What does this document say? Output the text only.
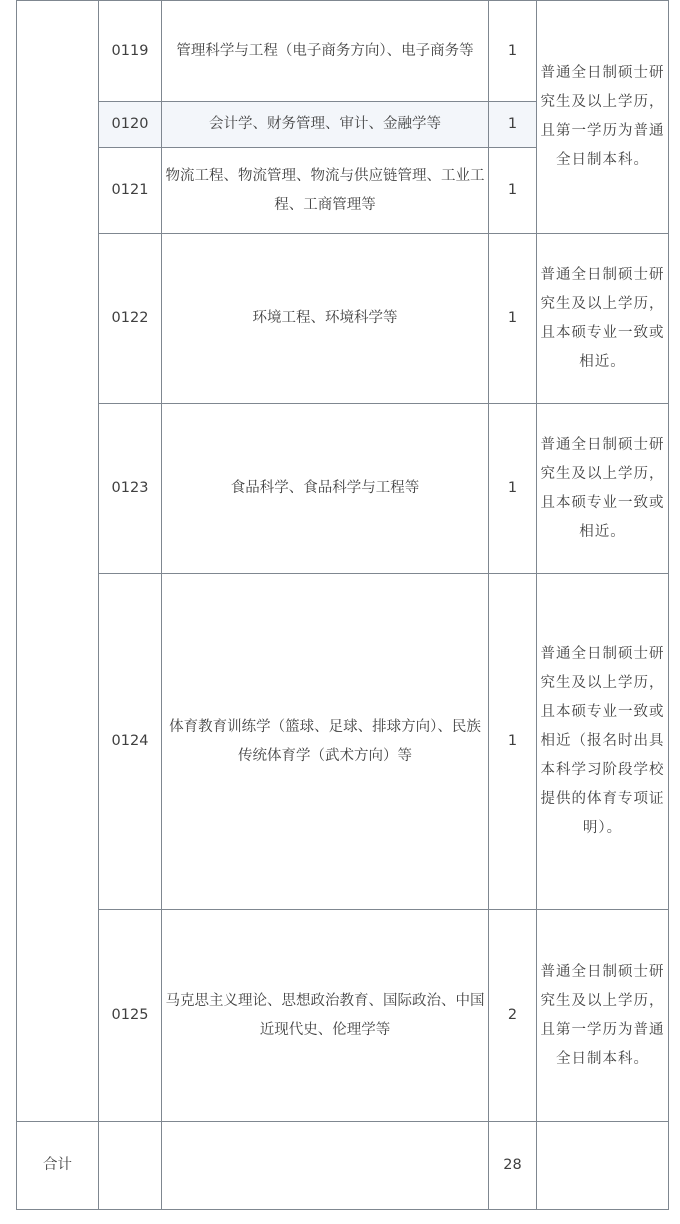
	0119	管理科学与工程（电子商务方向）、电子商务等	1	普通全日制硕士研究生及以上学历，且第一学历为普通全日制本科。
	0120	会计学、财务管理、审计、金融学等	1	
	0121	物流工程、物流管理、物流与供应链管理、工业工程、工商管理等	1	
	0122	环境工程、环境科学等	1	普通全日制硕士研究生及以上学历，且本硕专业一致或相近。
	0123	食品科学、食品科学与工程等	1	普通全日制硕士研究生及以上学历，且本硕专业一致或相近。
	0124	体育教育训练学（篮球、足球、排球方向）、民族传统体育学（武术方向）等	1	普通全日制硕士研究生及以上学历，且本硕专业一致或相近（报名时出具本科学习阶段学校提供的体育专项证明）。
	0125	马克思主义理论、思想政治教育、国际政治、中国近现代史、伦理学等	2	普通全日制硕士研究生及以上学历，且第一学历为普通全日制本科。
合计			28	
